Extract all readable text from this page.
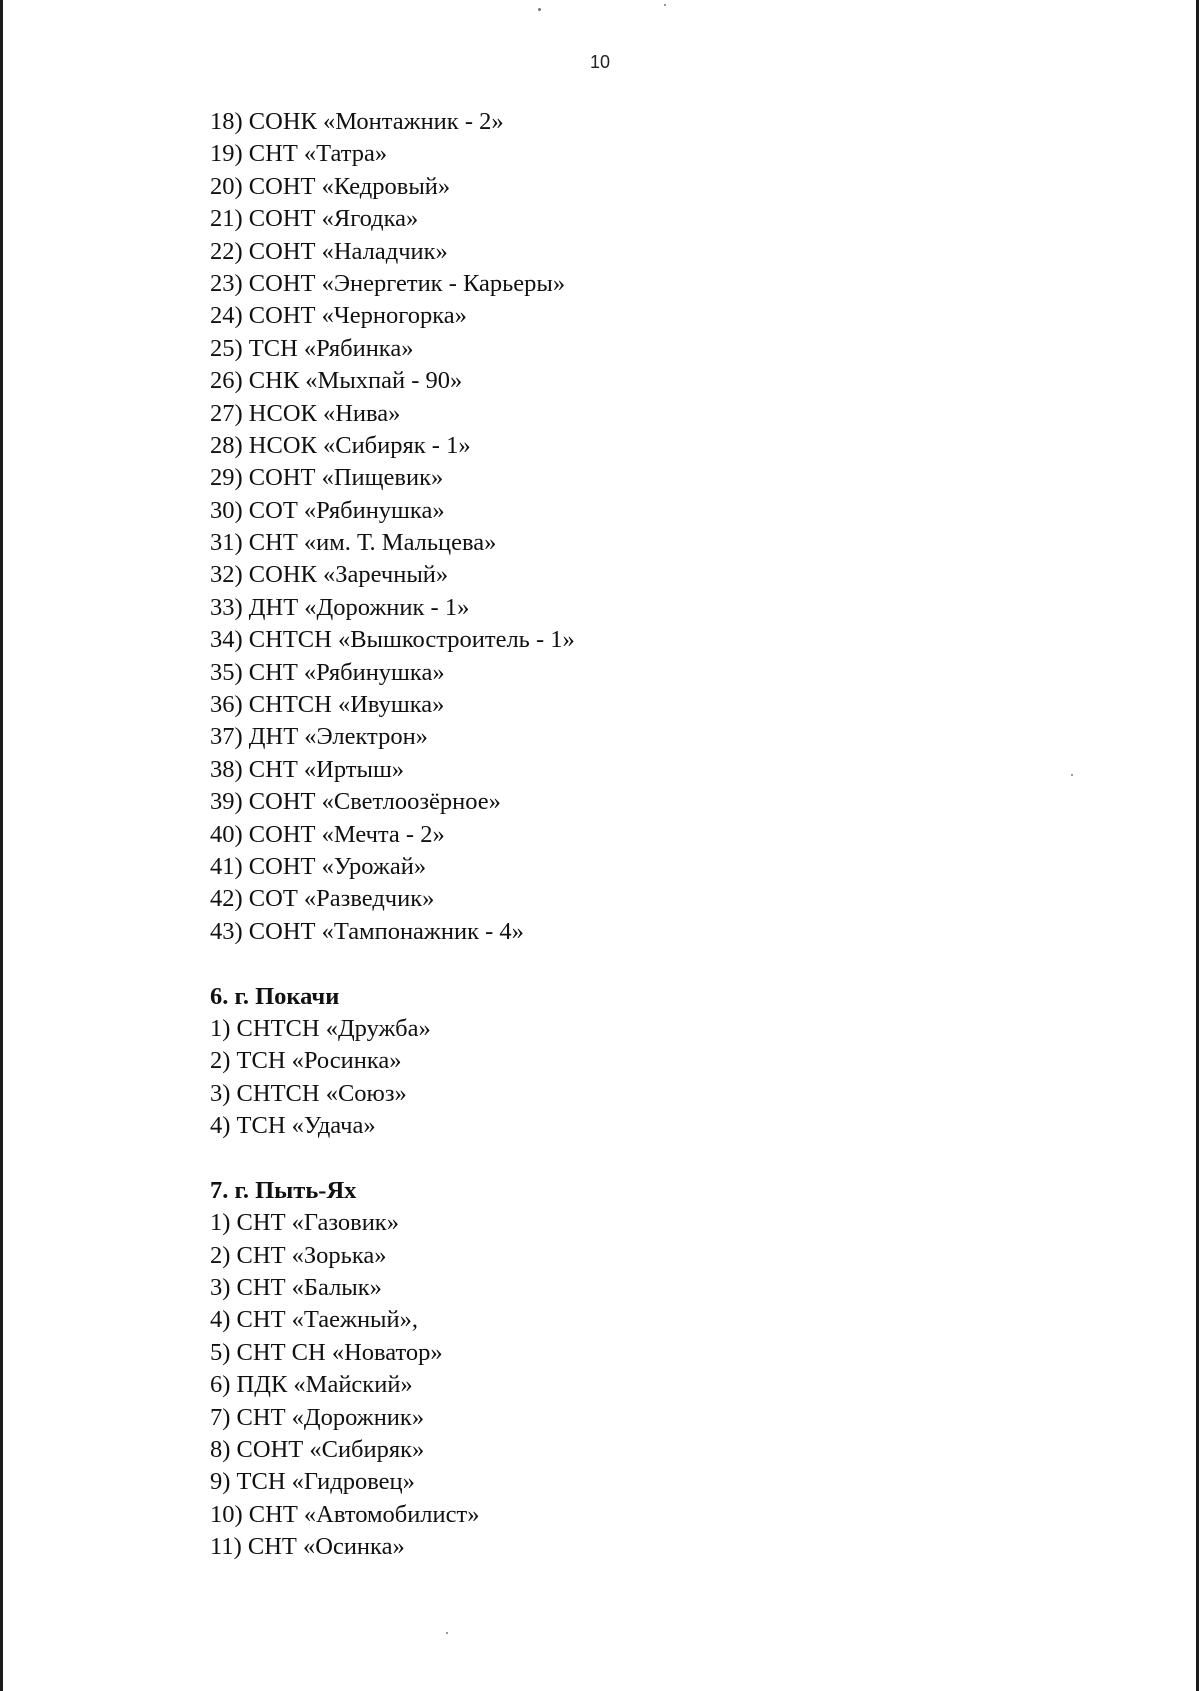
10
18) СОНК «Монтажник - 2»
19) СНТ «Татра»
20) СОНТ «Кедровый»
21) СОНТ «Ягодка»
22) СОНТ «Наладчик»
23) СОНТ «Энергетик - Карьеры»
24) СОНТ «Черногорка»
25) ТСН «Рябинка»
26) СНК «Мыхпай - 90»
27) НСОК «Нива»
28) НСОК «Сибиряк - 1»
29) СОНТ «Пищевик»
30) СОТ «Рябинушка»
31) СНТ «им. Т. Мальцева»
32) СОНК «Заречный»
33) ДНТ «Дорожник - 1»
34) СНТСН «Вышкостроитель - 1»
35) СНТ «Рябинушка»
36) СНТСН «Ивушка»
37) ДНТ «Электрон»
38) СНТ «Иртыш»
39) СОНТ «Светлоозёрное»
40) СОНТ «Мечта - 2»
41) СОНТ «Урожай»
42) СОТ «Разведчик»
43) СОНТ «Тампонажник - 4»
6. г. Покачи
1) СНТСН «Дружба»
2) ТСН «Росинка»
3) СНТСН «Союз»
4) ТСН «Удача»
7. г. Пыть-Ях
1) СНТ «Газовик»
2) СНТ «Зорька»
3) СНТ «Балык»
4) СНТ «Таежный»,
5) СНТ СН «Новатор»
6) ПДК «Майский»
7) СНТ «Дорожник»
8) СОНТ «Сибиряк»
9) ТСН «Гидровец»
10) СНТ «Автомобилист»
11) СНТ «Осинка»
